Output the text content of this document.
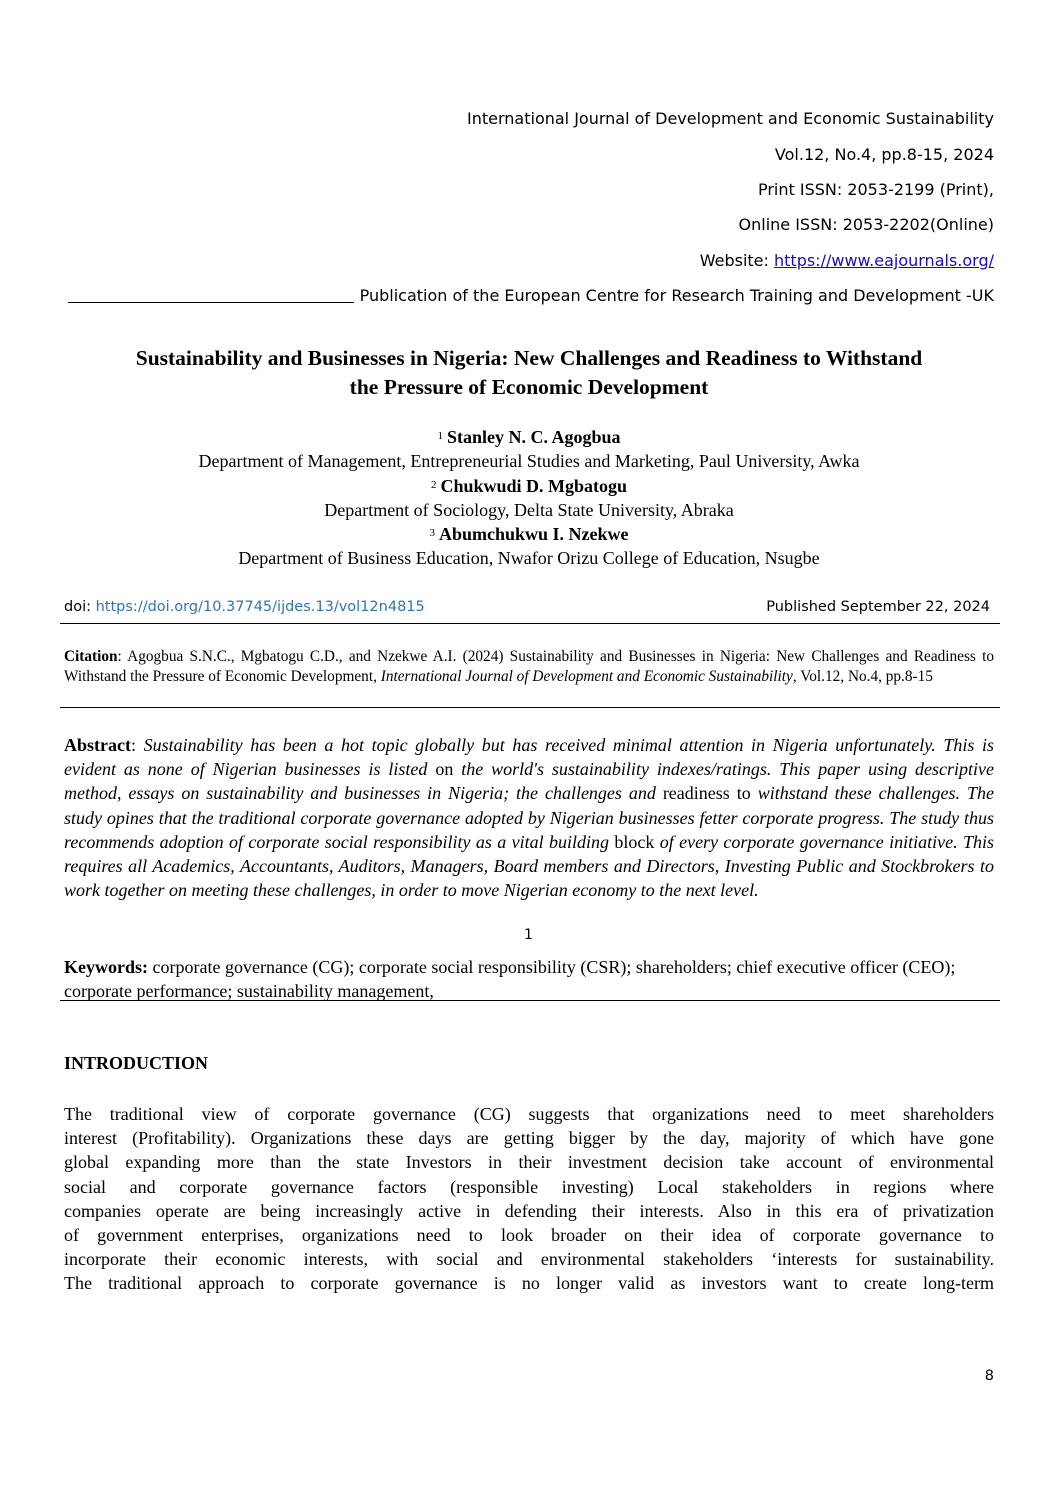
International Journal of Development and Economic Sustainability
Vol.12, No.4, pp.8-15, 2024
Print ISSN: 2053-2199 (Print),
Online ISSN: 2053-2202(Online)
Website: https://www.eajournals.org/
Publication of the European Centre for Research Training and Development -UK
Sustainability and Businesses in Nigeria: New Challenges and Readiness to Withstand
the Pressure of Economic Development
$^1$ Stanley N. C. Agogbua
Department of Management, Entrepreneurial Studies and Marketing, Paul University, Awka
$^2$ Chukwudi D. Mgbatogu
Department of Sociology, Delta State University, Abraka
$^3$ Abumchukwu I. Nzekwe
Department of Business Education, Nwafor Orizu College of Education, Nsugbe
doi: https://doi.org/10.37745/ijdes.13/vol12n4815	Published September 22, 2024
Citation: Agogbua S.N.C., Mgbatogu C.D., and Nzekwe A.I. (2024) Sustainability and Businesses in Nigeria: New Challenges and Readiness to Withstand the Pressure of Economic Development, International Journal of Development and Economic Sustainability, Vol.12, No.4, pp.8-15
Abstract: Sustainability has been a hot topic globally but has received minimal attention in Nigeria unfortunately. This is evident as none of Nigerian businesses is listed on the world's sustainability indexes/ratings. This paper using descriptive method, essays on sustainability and businesses in Nigeria; the challenges and readiness to withstand these challenges. The study opines that the traditional corporate governance adopted by Nigerian businesses fetter corporate progress. The study thus recommends adoption of corporate social responsibility as a vital building block of every corporate governance initiative. This requires all Academics, Accountants, Auditors, Managers, Board members and Directors, Investing Public and Stockbrokers to work together on meeting these challenges, in order to move Nigerian economy to the next level.
1
Keywords: corporate governance (CG); corporate social responsibility (CSR); shareholders; chief executive officer (CEO); corporate performance; sustainability management,
INTRODUCTION
The traditional view of corporate governance (CG) suggests that organizations need to meet shareholders
interest (Profitability). Organizations these days are getting bigger by the day, majority of which have gone
global expanding more than the state Investors in their investment decision take account of environmental
social and corporate governance factors (responsible investing) Local stakeholders in regions where
companies operate are being increasingly active in defending their interests. Also in this era of privatization
of government enterprises, organizations need to look broader on their idea of corporate governance to
incorporate their economic interests, with social and environmental stakeholders ‘interests for sustainability.
The traditional approach to corporate governance is no longer valid as investors want to create long-term
8
